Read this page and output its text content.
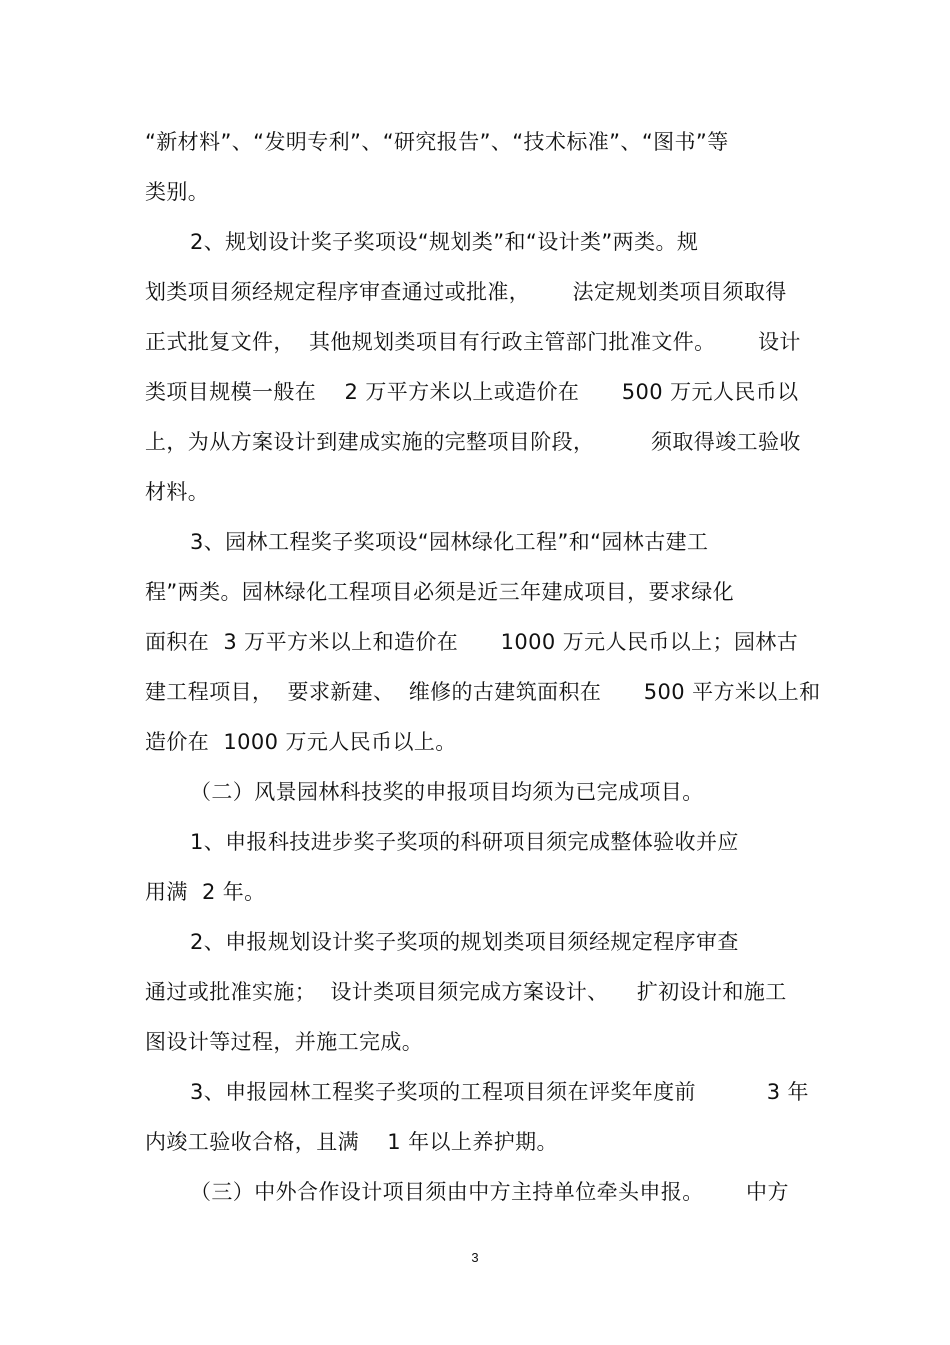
“新材料”、“发明专利”、“研究报告”、“技术标准”、“图书”等
类别。
2、规划设计奖子奖项设“规划类”和“设计类”两类。规
划类项目须经规定程序审查通过或批准，      法定规划类项目须取得
正式批复文件，  其他规划类项目有行政主管部门批准文件。      设计
类项目规模一般在    2 万平方米以上或造价在      500 万元人民币以
上，为从方案设计到建成实施的完整项目阶段，        须取得竣工验收
材料。
3、园林工程奖子奖项设“园林绿化工程”和“园林古建工
程”两类。园林绿化工程项目必须是近三年建成项目，要求绿化
面积在  3 万平方米以上和造价在      1000 万元人民币以上；园林古
建工程项目，  要求新建、  维修的古建筑面积在      500 平方米以上和
造价在  1000 万元人民币以上。
（二）风景园林科技奖的申报项目均须为已完成项目。
1、申报科技进步奖子奖项的科研项目须完成整体验收并应
用满  2 年。
2、申报规划设计奖子奖项的规划类项目须经规定程序审查
通过或批准实施；  设计类项目须完成方案设计、    扩初设计和施工
图设计等过程，并施工完成。
3、申报园林工程奖子奖项的工程项目须在评奖年度前          3 年
内竣工验收合格，且满    1 年以上养护期。
（三）中外合作设计项目须由中方主持单位牵头申报。      中方
3
